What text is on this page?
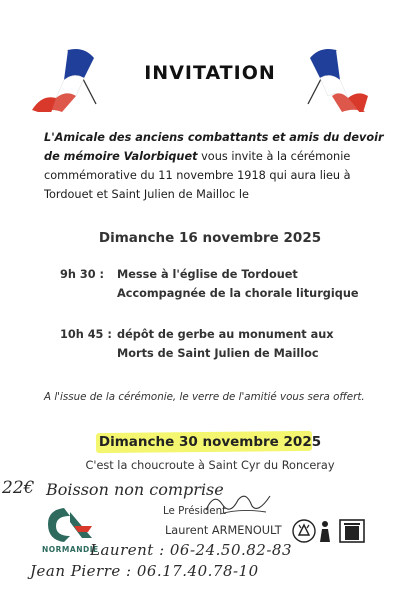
INVITATION
L'Amicale des anciens combattants et amis du devoir de mémoire Valorbiquet vous invite à la cérémonie commémorative du 11 novembre 1918 qui aura lieu à Tordouet et Saint Julien de Mailloc le
Dimanche 16 novembre 2025
9h 30 : Messe à l'église de Tordouet
Accompagnée de la chorale liturgique
10h 45 : dépôt de gerbe au monument aux
Morts de Saint Julien de Mailloc
A l'issue de la cérémonie, le verre de l'amitié vous sera offert.
Dimanche 30 novembre 2025
C'est la choucroute à Saint Cyr du Ronceray
22€ Boisson non comprise
Le Président
Laurent ARMENOULT
NORMANDIE
Laurent : 06-24.50.82-83
Jean Pierre : 06.17.40.78-10
